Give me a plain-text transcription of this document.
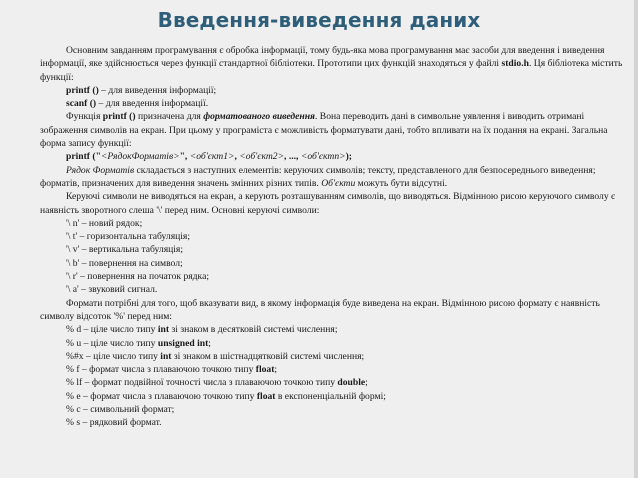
Введення-виведення даних

Основним завданням програмування є обробка інформації, тому будь-яка мова програмування має засоби для введення і виведення інформації, яке здійснюється через функції стандартної бібліотеки. Прототипи цих функцій знаходяться у файлі stdio.h. Ця бібліотека містить функції:

printf () – для виведення інформації;

scanf () – для введення інформації.

Функція printf () призначена для форматованого виведення. Вона переводить дані в символьне уявлення і виводить отримані зображення символів на екран. При цьому у програміста є можливість форматувати дані, тобто впливати на їх подання на екрані. Загальна форма запису функції:

printf ("<РядокФорматів>", <об'єкт1>, <об'єкт2>, ..., <об'єктn>);

Рядок Форматів складається з наступних елементів: керуючих символів; тексту, представленого для безпосереднього виведення; форматів, призначених для виведення значень змінних різних типів. Об'єкти можуть бути відсутні.

Керуючі символи не виводяться на екран, а керують розташуванням символів, що виводяться. Відмінною рисою керуючого символу є наявність зворотного слеша '\' перед ним. Основні керуючі символи:

'\ n' – новий рядок;

'\ t' – горизонтальна табуляція;

'\ v' – вертикальна табуляція;

'\ b' – повернення на символ;

'\ r' – повернення на початок рядка;

'\ a' – звуковий сигнал.

Формати потрібні для того, щоб вказувати вид, в якому інформація буде виведена на екран. Відмінною рисою формату є наявність символу відсоток '%' перед ним:

% d – ціле число типу int зі знаком в десятковій системі числення;

% u – ціле число типу unsigned int;

%#x – ціле число типу int зі знаком в шістнадцятковій системі числення;

% f – формат числа з плаваючою точкою типу float;

% lf – формат подвійної точності числа з плаваючою точкою типу double;

% e – формат числа з плаваючою точкою типу float в експоненціальній формі;

% c – символьний формат;

% s – рядковий формат.
